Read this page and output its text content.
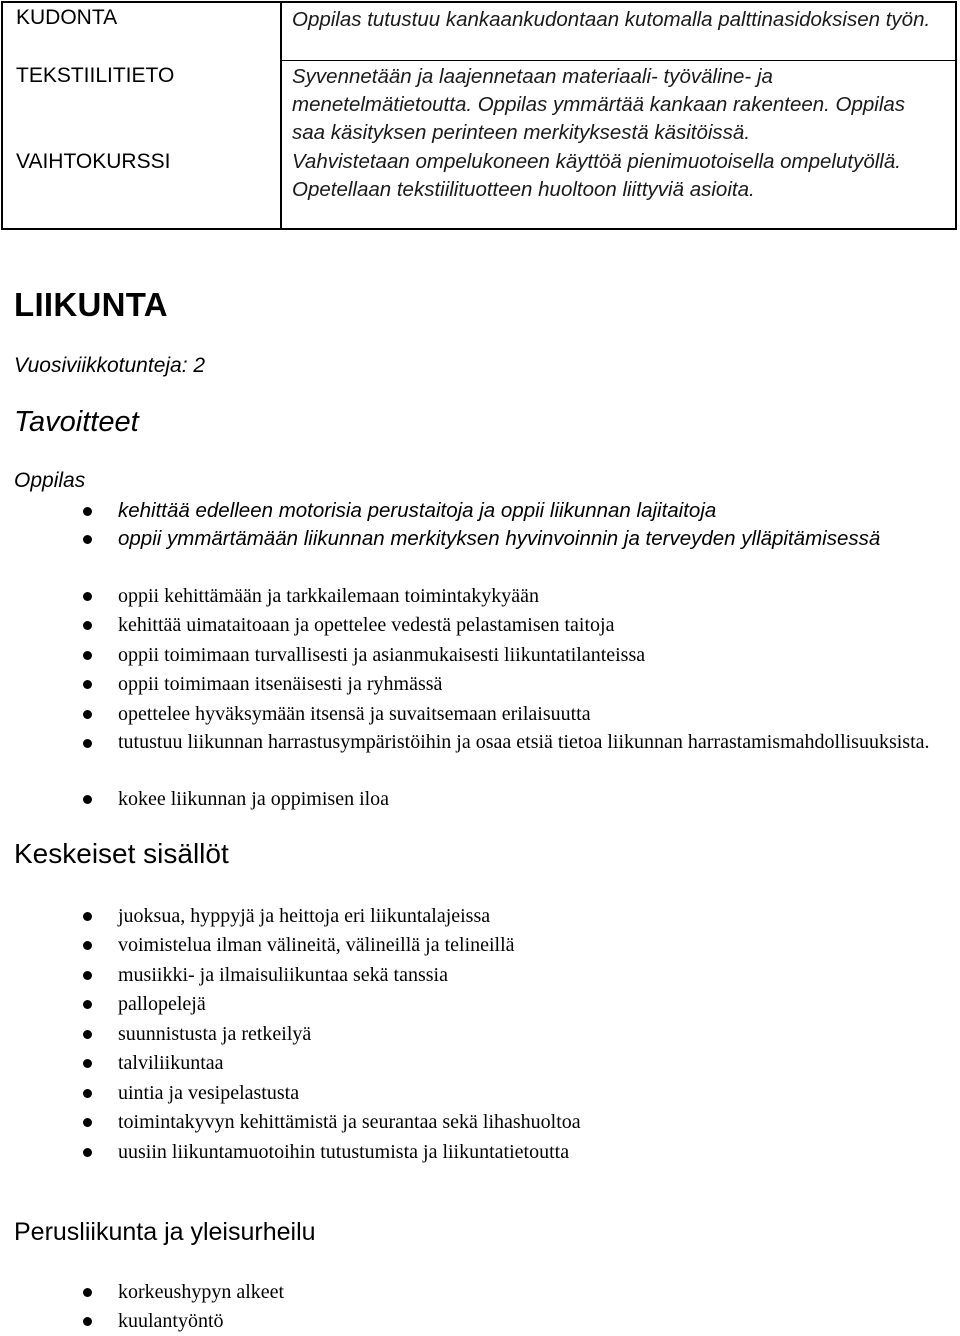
KUDONTA	Oppilas tutustuu kankaankudontaan kutomalla palttinasidoksisen työn.
TEKSTIILITIETO	Syvennetään ja laajennetaan materiaali- työväline- ja menetelmätietoutta. Oppilas ymmärtää kankaan rakenteen. Oppilas saa käsityksen perinteen merkityksestä käsitöissä.
VAIHTOKURSSI	Vahvistetaan ompelukoneen käyttöä pienimuotoisella ompelutyöllä. Opetellaan tekstiilituotteen huoltoon liittyviä asioita.
LIIKUNTA
Vuosiviikkotunteja: 2
Tavoitteet
Oppilas
kehittää edelleen motorisia perustaitoja ja oppii liikunnan lajitaitoja
oppii ymmärtämään liikunnan merkityksen hyvinvoinnin ja terveyden ylläpitämisessä
oppii kehittämään ja tarkkailemaan toimintakykyään
kehittää uimataitoaan ja opettelee vedestä pelastamisen taitoja
oppii toimimaan turvallisesti ja asianmukaisesti liikuntatilanteissa
oppii toimimaan itsenäisesti ja ryhmässä
opettelee hyväksymään itsensä ja suvaitsemaan erilaisuutta
tutustuu liikunnan harrastusympäristöihin ja osaa etsiä tietoa liikunnan harrastamismahdollisuuksista.
kokee liikunnan ja oppimisen iloa
Keskeiset sisällöt
juoksua, hyppyjä ja heittoja eri liikuntalajeissa
voimistelua ilman välineitä, välineillä ja telineillä
musiikki- ja ilmaisuliikuntaa sekä tanssia
pallopelejä
suunnistusta ja retkeilyä
talviliikuntaa
uintia ja vesipelastusta
toimintakyvyn kehittämistä ja seurantaa sekä lihashuoltoa
uusiin liikuntamuotoihin tutustumista ja liikuntatietoutta
Perusliikunta ja yleisurheilu
korkeushypyn alkeet
kuulantyöntö
